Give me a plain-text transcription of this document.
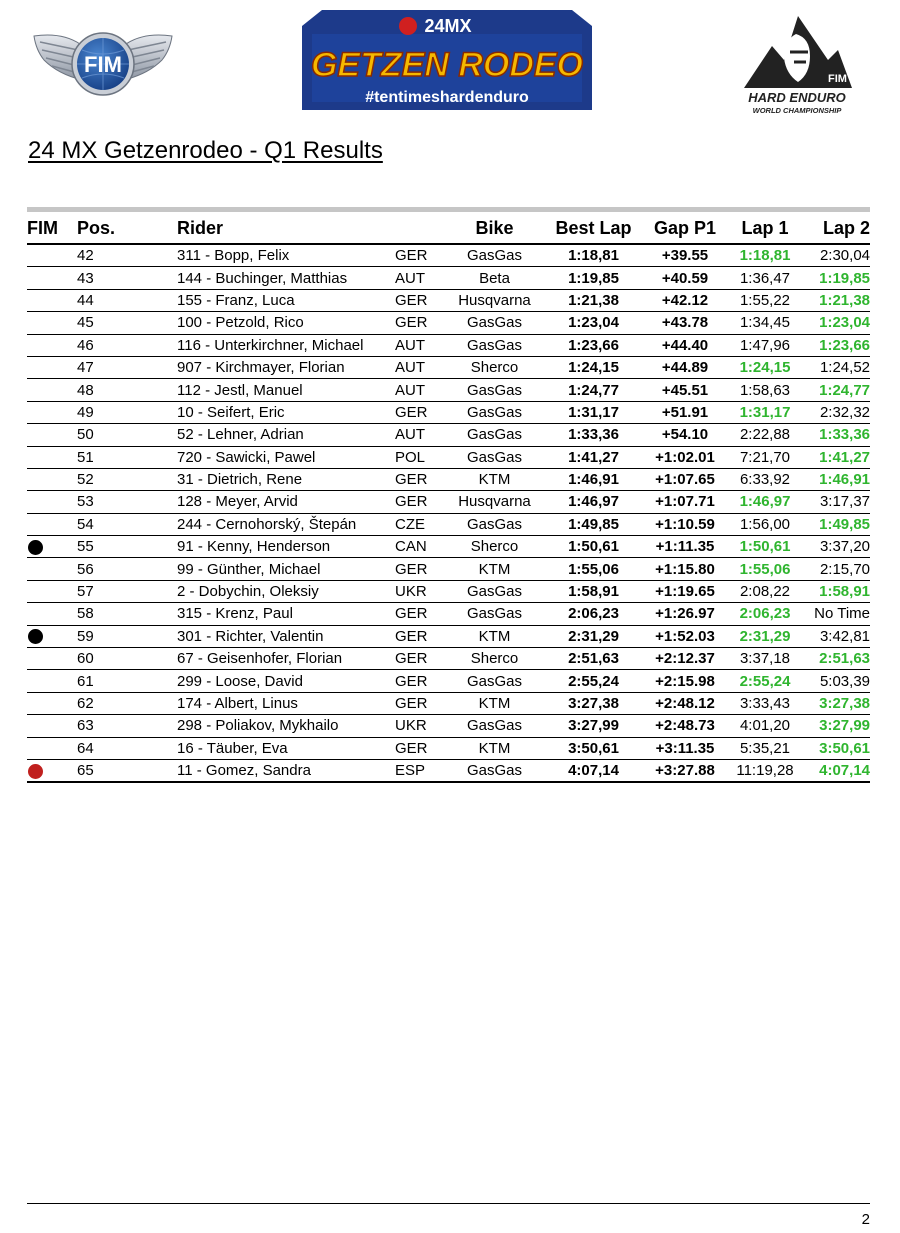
FIM
24MX
GETZEN RODEO
#tentimeshardenduro
FIM
HARD ENDURO
WORLD CHAMPIONSHIP
24 MX Getzenrodeo - Q1 Results
FIM	Pos.	Rider		Bike	Best Lap	Gap P1	Lap 1	Lap 2
	42	311 - Bopp, Felix	GER	GasGas	1:18,81	+39.55	1:18,81	2:30,04
	43	144 - Buchinger, Matthias	AUT	Beta	1:19,85	+40.59	1:36,47	1:19,85
	44	155 - Franz, Luca	GER	Husqvarna	1:21,38	+42.12	1:55,22	1:21,38
	45	100 - Petzold, Rico	GER	GasGas	1:23,04	+43.78	1:34,45	1:23,04
	46	116 - Unterkirchner, Michael	AUT	GasGas	1:23,66	+44.40	1:47,96	1:23,66
	47	907 - Kirchmayer, Florian	AUT	Sherco	1:24,15	+44.89	1:24,15	1:24,52
	48	112 - Jestl, Manuel	AUT	GasGas	1:24,77	+45.51	1:58,63	1:24,77
	49	10 - Seifert, Eric	GER	GasGas	1:31,17	+51.91	1:31,17	2:32,32
	50	52 - Lehner, Adrian	AUT	GasGas	1:33,36	+54.10	2:22,88	1:33,36
	51	720 - Sawicki, Pawel	POL	GasGas	1:41,27	+1:02.01	7:21,70	1:41,27
	52	31 - Dietrich, Rene	GER	KTM	1:46,91	+1:07.65	6:33,92	1:46,91
	53	128 - Meyer, Arvid	GER	Husqvarna	1:46,97	+1:07.71	1:46,97	3:17,37
	54	244 - Cernohorský, Štepán	CZE	GasGas	1:49,85	+1:10.59	1:56,00	1:49,85
	55	91 - Kenny, Henderson	CAN	Sherco	1:50,61	+1:11.35	1:50,61	3:37,20
	56	99 - Günther, Michael	GER	KTM	1:55,06	+1:15.80	1:55,06	2:15,70
	57	2 - Dobychin, Oleksiy	UKR	GasGas	1:58,91	+1:19.65	2:08,22	1:58,91
	58	315 - Krenz, Paul	GER	GasGas	2:06,23	+1:26.97	2:06,23	No Time
	59	301 - Richter, Valentin	GER	KTM	2:31,29	+1:52.03	2:31,29	3:42,81
	60	67 - Geisenhofer, Florian	GER	Sherco	2:51,63	+2:12.37	3:37,18	2:51,63
	61	299 - Loose, David	GER	GasGas	2:55,24	+2:15.98	2:55,24	5:03,39
	62	174 - Albert, Linus	GER	KTM	3:27,38	+2:48.12	3:33,43	3:27,38
	63	298 - Poliakov, Mykhailo	UKR	GasGas	3:27,99	+2:48.73	4:01,20	3:27,99
	64	16 - Täuber, Eva	GER	KTM	3:50,61	+3:11.35	5:35,21	3:50,61
	65	11 - Gomez, Sandra	ESP	GasGas	4:07,14	+3:27.88	11:19,28	4:07,14
2
